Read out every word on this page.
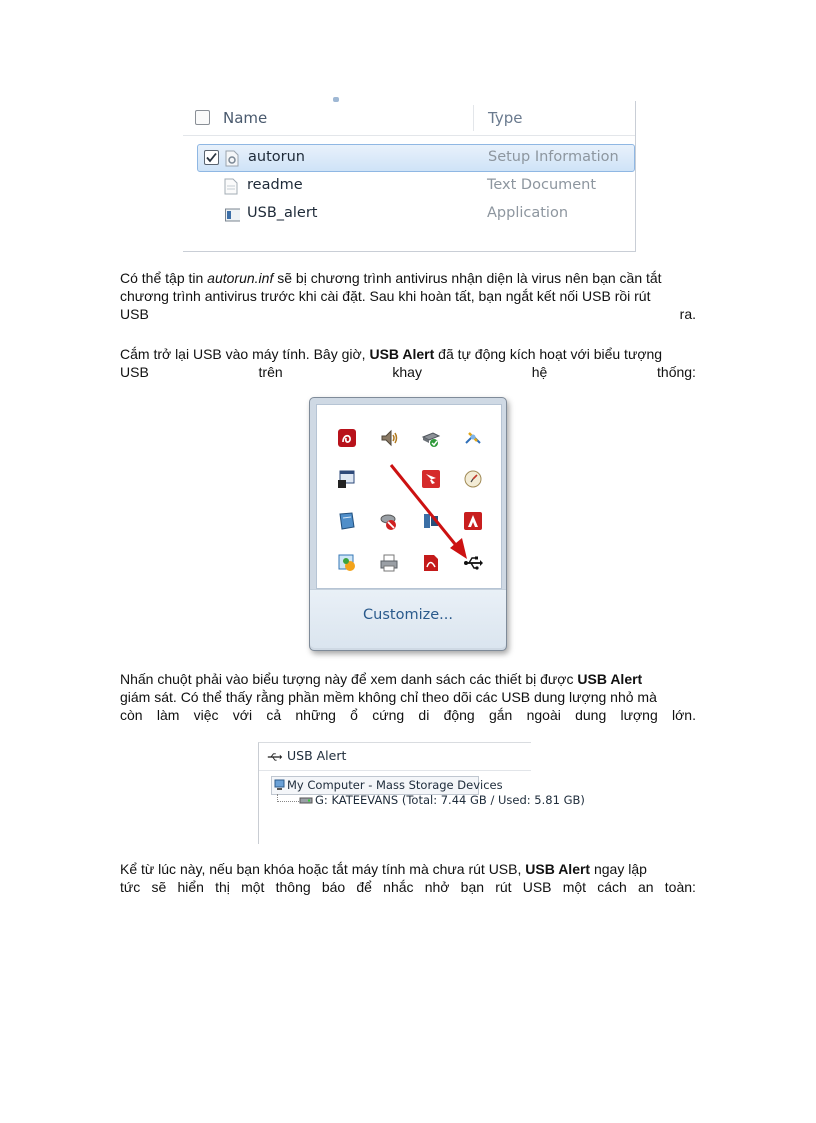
Name	Type
autorun	Setup Information
readme	Text Document
USB_alert	Application
Có thể tập tin autorun.inf sẽ bị chương trình antivirus nhận diện là virus nên bạn cần tắt
chương trình antivirus trước khi cài đặt. Sau khi hoàn tất, bạn ngắt kết nối USB rồi rút
USB	ra.
Cắm trở lại USB vào máy tính. Bây giờ, USB Alert đã tự động kích hoạt với biểu tượng
USB	trên	khay	hệ	thống:
Customize...
Nhấn chuột phải vào biểu tượng này để xem danh sách các thiết bị được USB Alert
giám sát. Có thể thấy rằng phần mềm không chỉ theo dõi các USB dung lượng nhỏ mà
còn làm việc với cả những ổ cứng di động gắn ngoài dung lượng lớn.
USB Alert
My Computer - Mass Storage Devices
G: KATEEVANS (Total: 7.44 GB / Used: 5.81 GB)
Kể từ lúc này, nếu bạn khóa hoặc tắt máy tính mà chưa rút USB, USB Alert ngay lập
tức sẽ hiển thị một thông báo để nhắc nhở bạn rút USB một cách an toàn:
